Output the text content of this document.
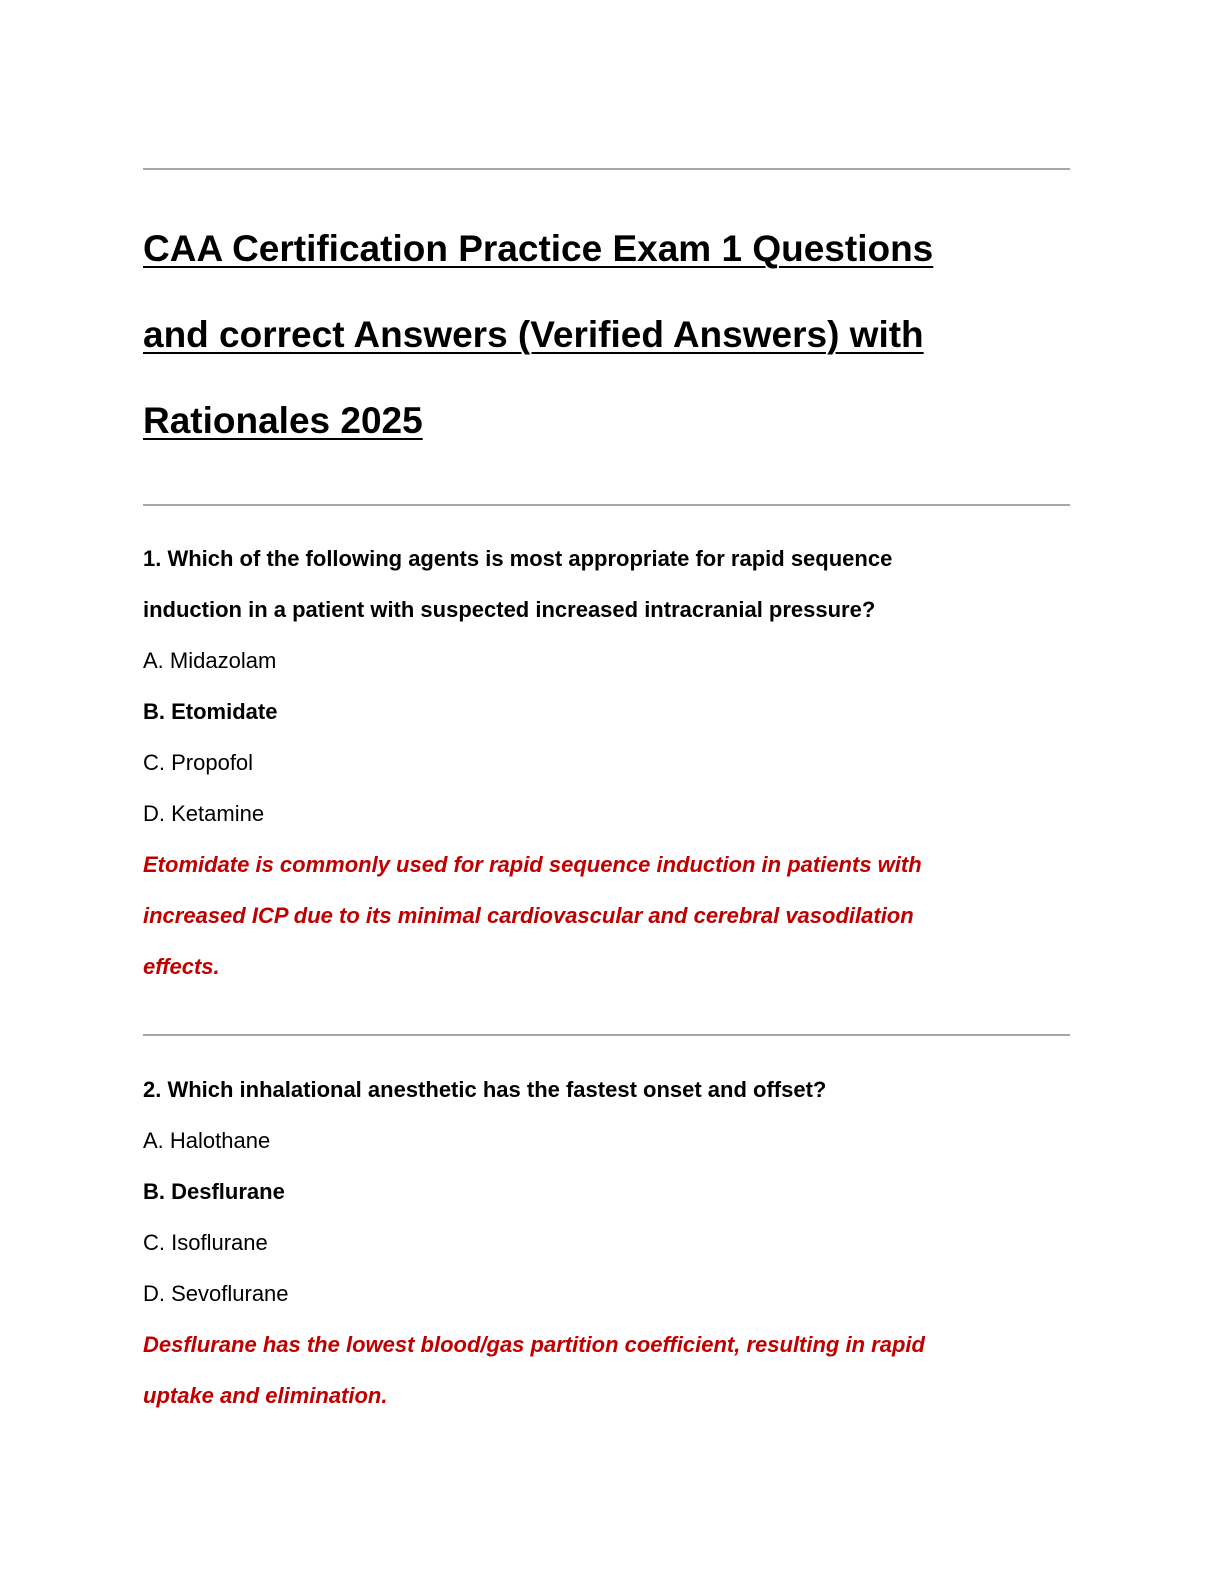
CAA Certification Practice Exam 1 Questions
and correct Answers (Verified Answers) with
Rationales 2025
1. Which of the following agents is most appropriate for rapid sequence
induction in a patient with suspected increased intracranial pressure?
A. Midazolam
B. Etomidate
C. Propofol
D. Ketamine
Etomidate is commonly used for rapid sequence induction in patients with
increased ICP due to its minimal cardiovascular and cerebral vasodilation
effects.
2. Which inhalational anesthetic has the fastest onset and offset?
A. Halothane
B. Desflurane
C. Isoflurane
D. Sevoflurane
Desflurane has the lowest blood/gas partition coefficient, resulting in rapid
uptake and elimination.
